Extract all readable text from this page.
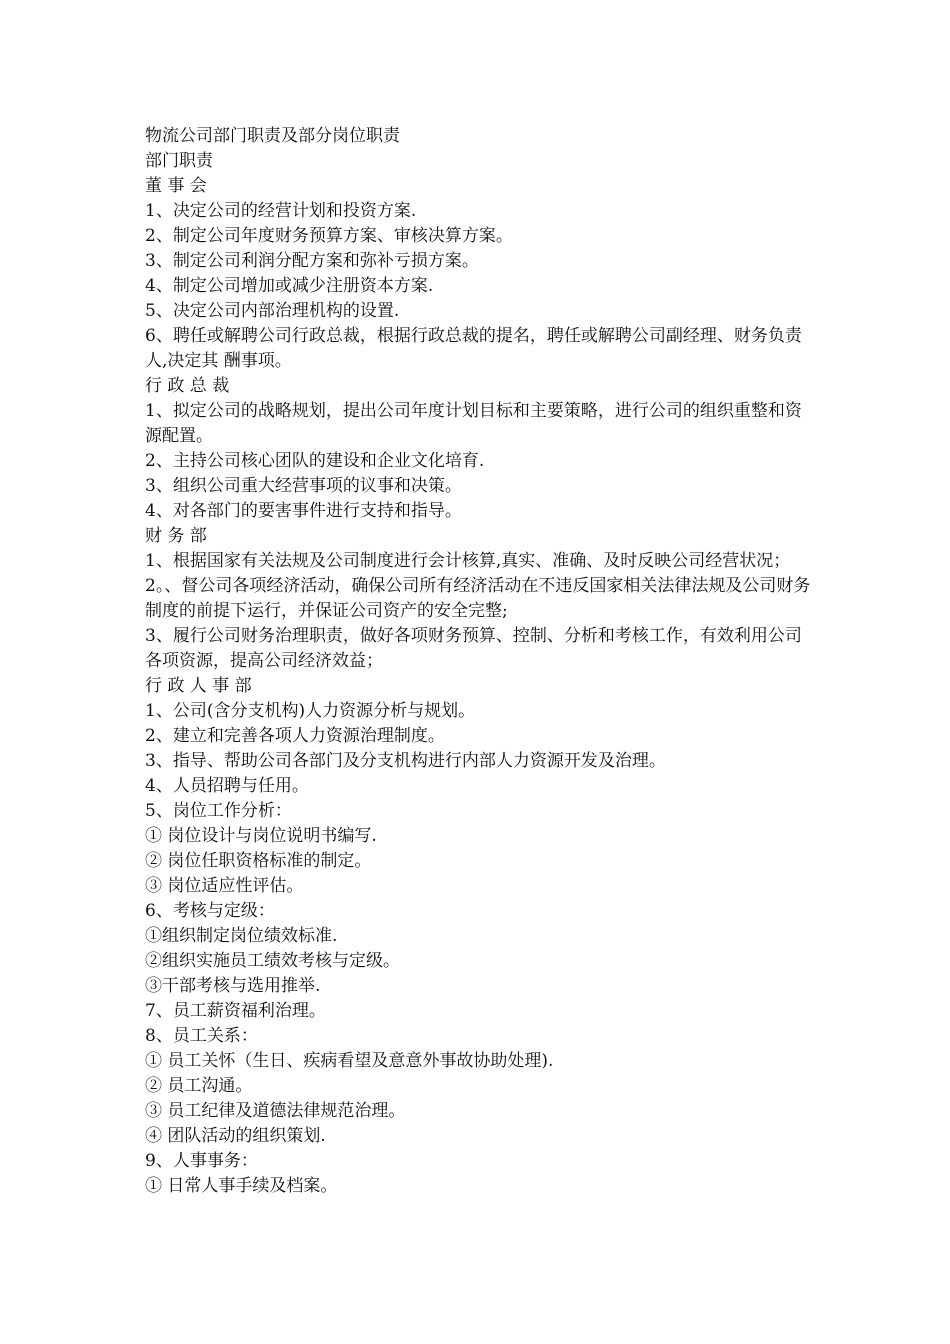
物流公司部门职责及部分岗位职责

部门职责

董 事 会

1、决定公司的经营计划和投资方案.

2、制定公司年度财务预算方案、审核决算方案。

3、制定公司利润分配方案和弥补亏损方案。

4、制定公司增加或减少注册资本方案.

5、决定公司内部治理机构的设置.

6、聘任或解聘公司行政总裁，根据行政总裁的提名，聘任或解聘公司副经理、财务负责人,决定其 酬事项。

行 政 总 裁

1、拟定公司的战略规划，提出公司年度计划目标和主要策略，进行公司的组织重整和资源配置。

2、主持公司核心团队的建设和企业文化培育.

3、组织公司重大经营事项的议事和决策。

4、对各部门的要害事件进行支持和指导。

财 务 部

1、根据国家有关法规及公司制度进行会计核算,真实、准确、及时反映公司经营状况；

2。、督公司各项经济活动，确保公司所有经济活动在不违反国家相关法律法规及公司财务制度的前提下运行，并保证公司资产的安全完整;

3、履行公司财务治理职责，做好各项财务预算、控制、分析和考核工作，有效利用公司各项资源，提高公司经济效益；

行 政 人 事 部

1、公司(含分支机构)人力资源分析与规划。

2、建立和完善各项人力资源治理制度。

3、指导、帮助公司各部门及分支机构进行内部人力资源开发及治理。

4、人员招聘与任用。

5、岗位工作分析：

① 岗位设计与岗位说明书编写.

② 岗位任职资格标准的制定。

③ 岗位适应性评估。

6、考核与定级：

①组织制定岗位绩效标准.

②组织实施员工绩效考核与定级。

③干部考核与选用推举.

7、员工薪资福利治理。

8、员工关系：

① 员工关怀（生日、疾病看望及意意外事故协助处理).

② 员工沟通。

③ 员工纪律及道德法律规范治理。

④ 团队活动的组织策划.

9、人事事务：

① 日常人事手续及档案。
